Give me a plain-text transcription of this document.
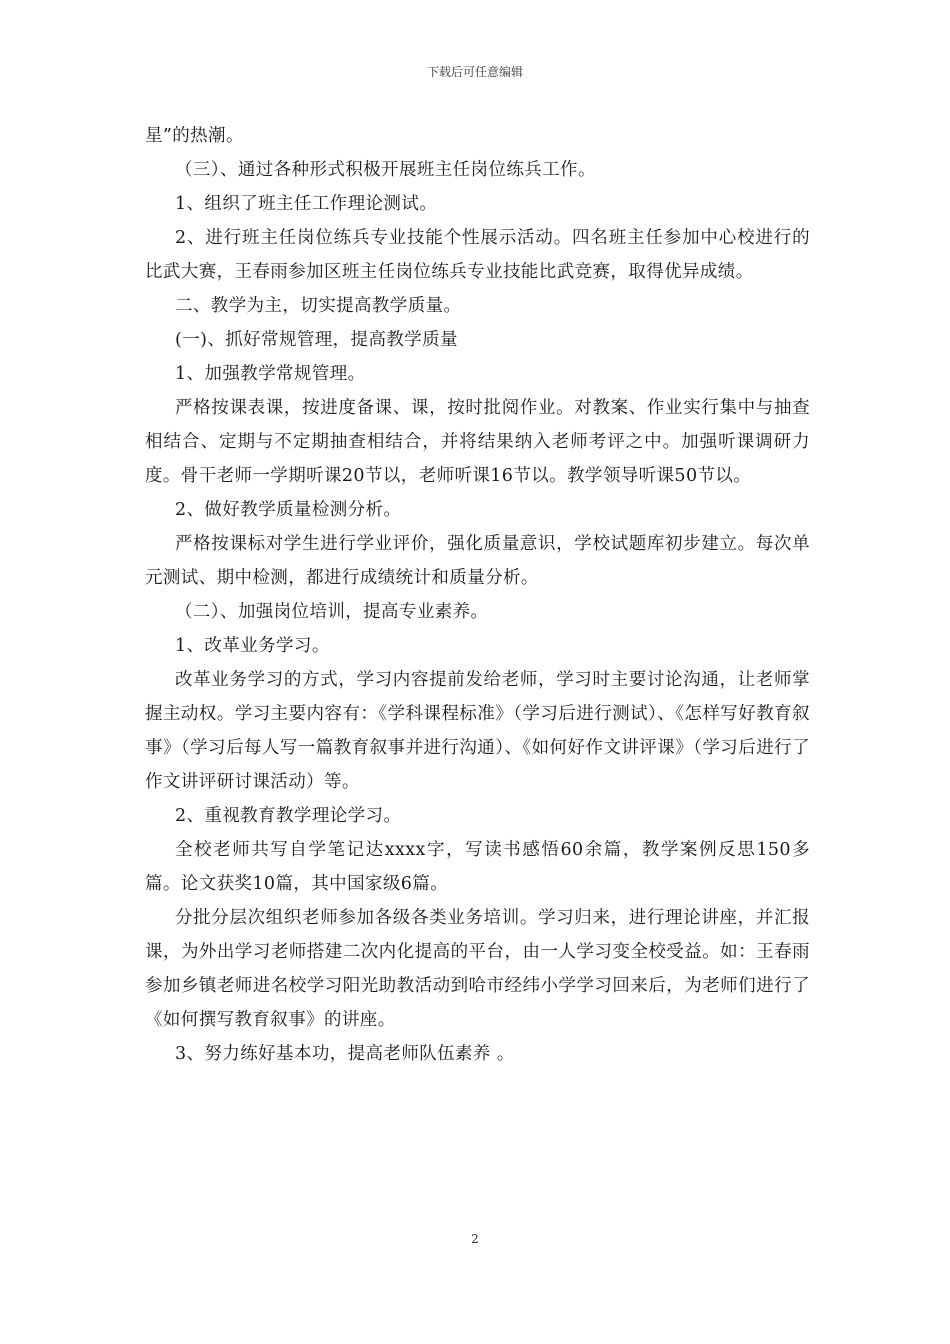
下载后可任意编辑

星”的热潮。

（三）、通过各种形式积极开展班主任岗位练兵工作。

1、组织了班主任工作理论测试。

2、进行班主任岗位练兵专业技能个性展示活动。四名班主任参加中心校进行的比武大赛，王春雨参加区班主任岗位练兵专业技能比武竞赛，取得优异成绩。

二、教学为主，切实提高教学质量。

(一)、抓好常规管理，提高教学质量

1、加强教学常规管理。

严格按课表课，按进度备课、课，按时批阅作业。对教案、作业实行集中与抽查相结合、定期与不定期抽查相结合，并将结果纳入老师考评之中。加强听课调研力度。骨干老师一学期听课20节以，老师听课16节以。教学领导听课50节以。

2、做好教学质量检测分析。

严格按课标对学生进行学业评价，强化质量意识，学校试题库初步建立。每次单元测试、期中检测，都进行成绩统计和质量分析。

（二）、加强岗位培训，提高专业素养。

1、改革业务学习。

改革业务学习的方式，学习内容提前发给老师，学习时主要讨论沟通，让老师掌握主动权。学习主要内容有：《学科课程标准》（学习后进行测试）、《怎样写好教育叙事》（学习后每人写一篇教育叙事并进行沟通）、《如何好作文讲评课》（学习后进行了作文讲评研讨课活动）等。

2、重视教育教学理论学习。

全校老师共写自学笔记达xxxx字，写读书感悟60余篇，教学案例反思150多篇。论文获奖10篇，其中国家级6篇。

分批分层次组织老师参加各级各类业务培训。学习归来，进行理论讲座，并汇报课，为外出学习老师搭建二次内化提高的平台，由一人学习变全校受益。如：王春雨参加乡镇老师进名校学习阳光助教活动到哈市经纬小学学习回来后，为老师们进行了《如何撰写教育叙事》的讲座。

3、努力练好基本功，提高老师队伍素养 。

2
